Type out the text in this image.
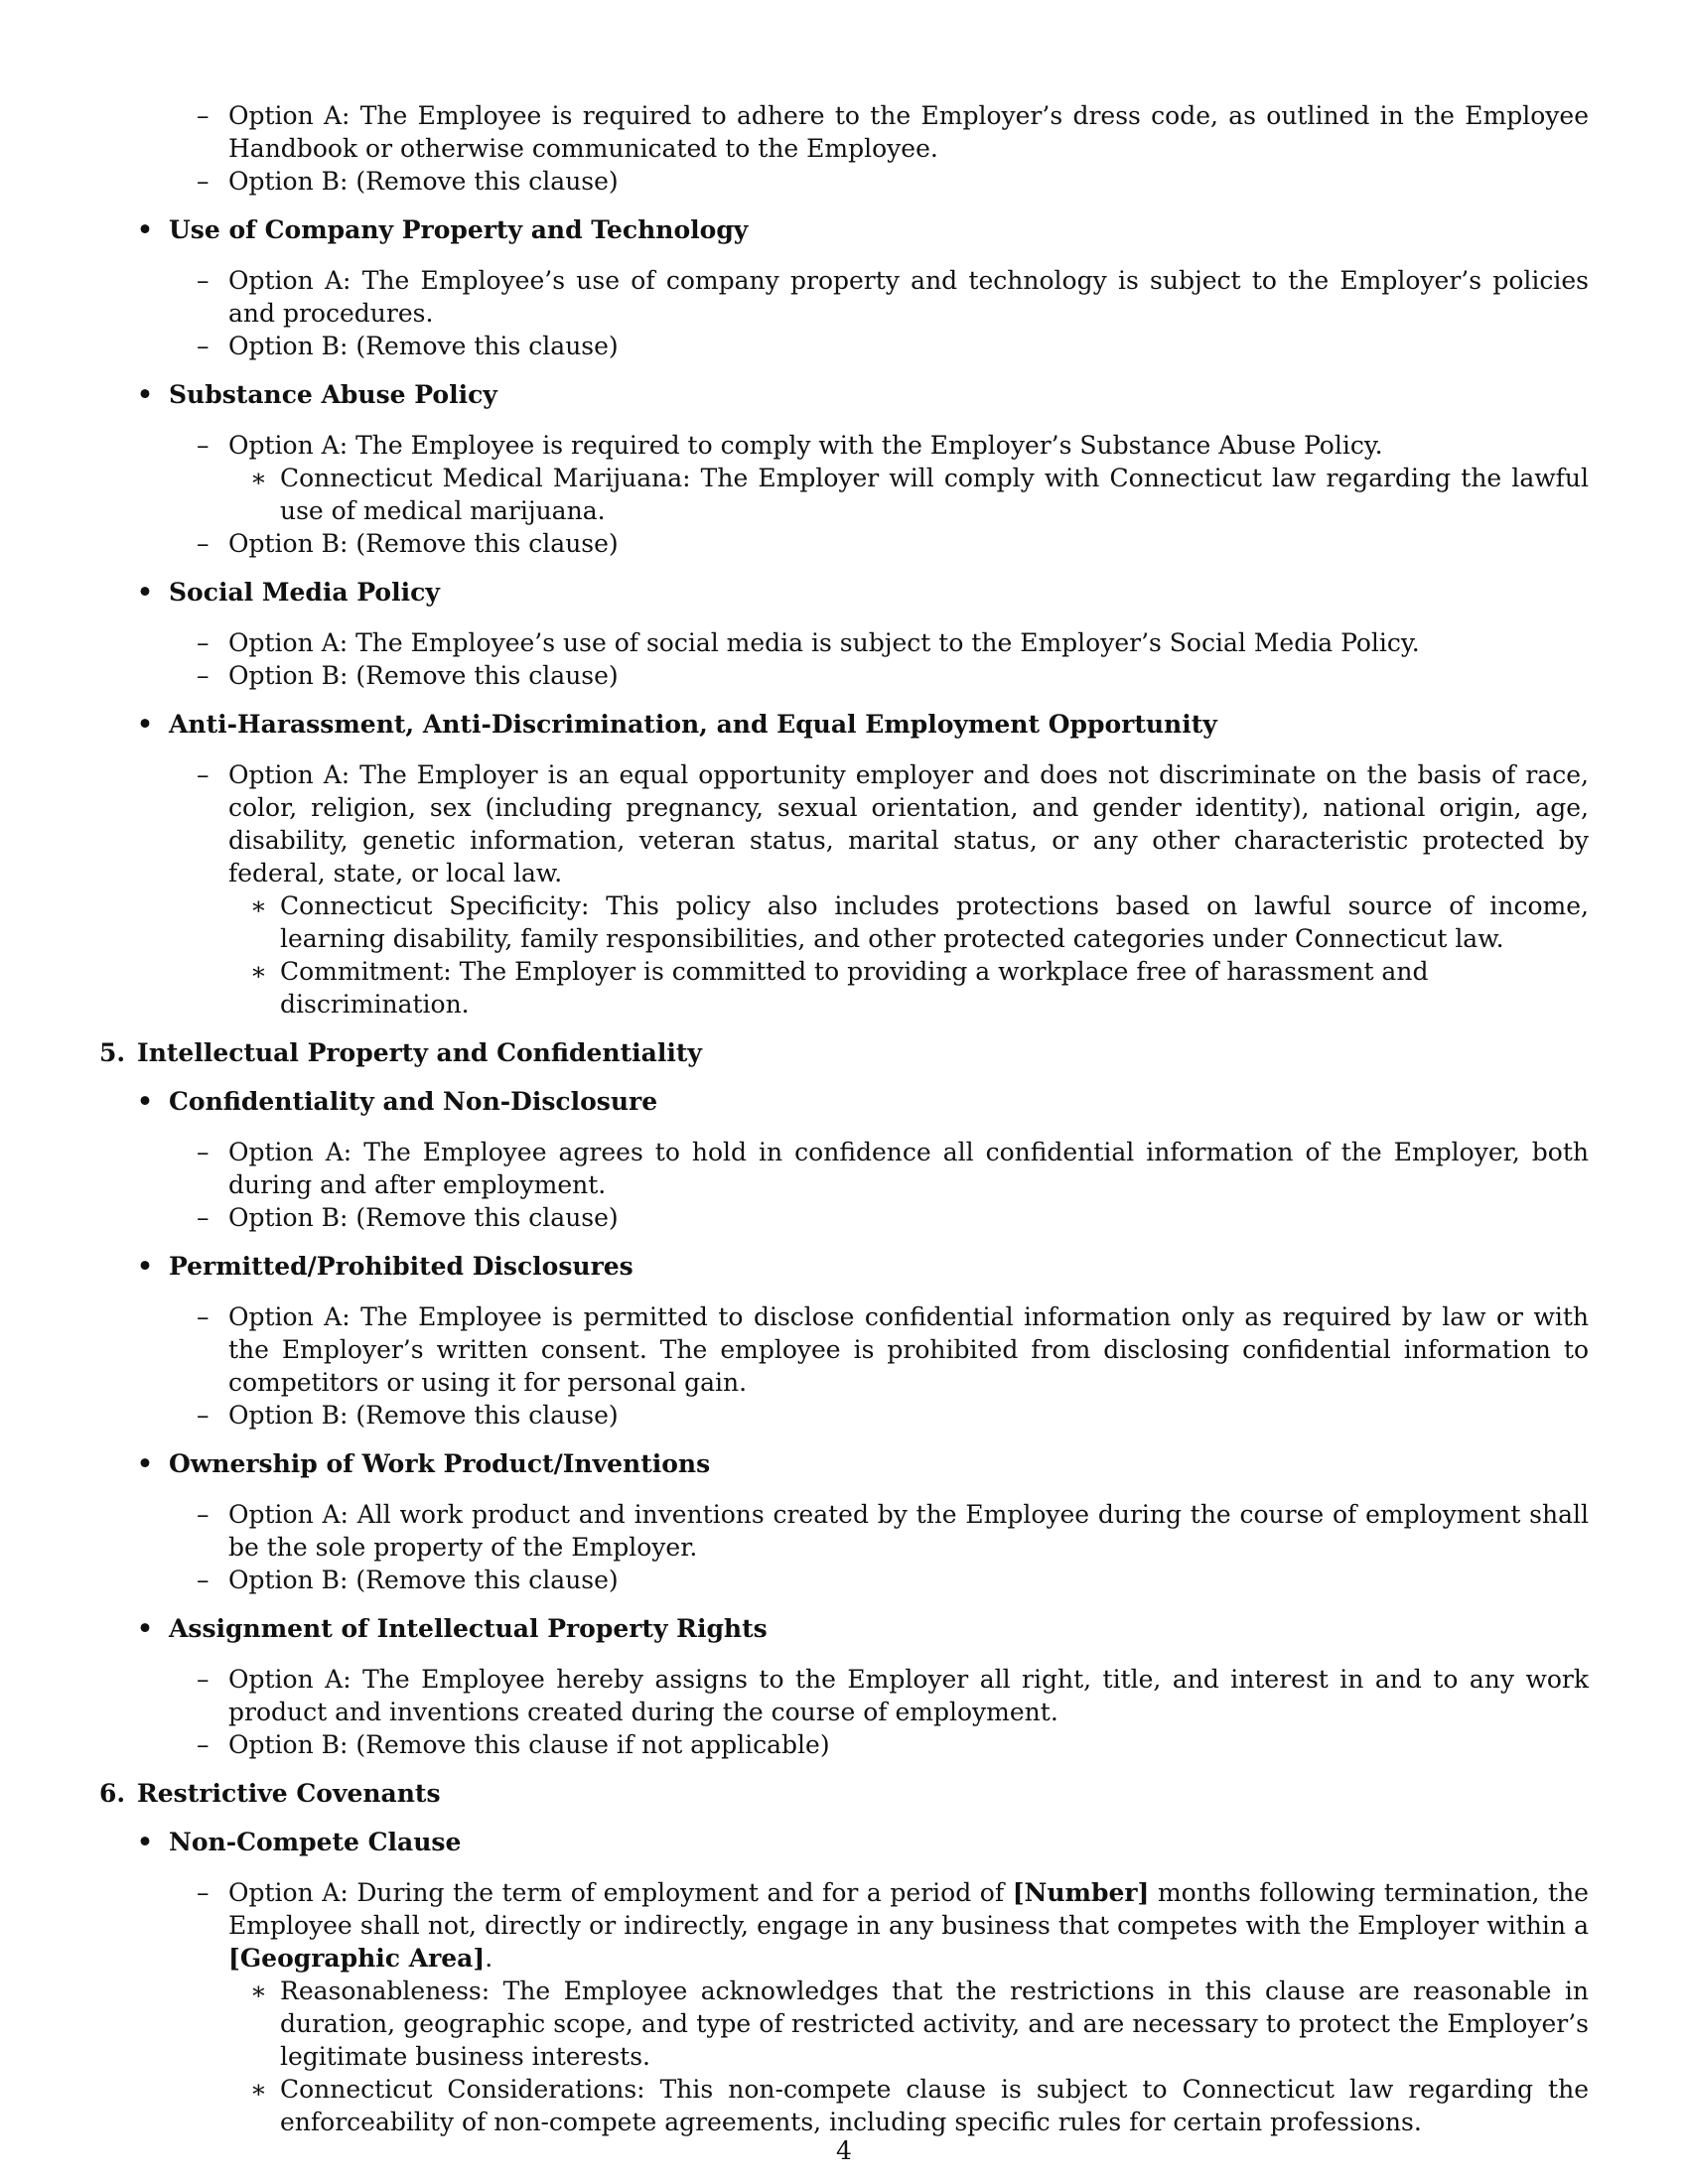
– Option A: The Employee is required to adhere to the Employer’s dress code, as outlined in the Employee Handbook or otherwise communicated to the Employee.
– Option B: (Remove this clause)
• Use of Company Property and Technology
– Option A: The Employee’s use of company property and technology is subject to the Employer’s policies and procedures.
– Option B: (Remove this clause)
• Substance Abuse Policy
– Option A: The Employee is required to comply with the Employer’s Substance Abuse Policy.
∗ Connecticut Medical Marijuana: The Employer will comply with Connecticut law regarding the lawful use of medical marijuana.
– Option B: (Remove this clause)
• Social Media Policy
– Option A: The Employee’s use of social media is subject to the Employer’s Social Media Policy.
– Option B: (Remove this clause)
• Anti-Harassment, Anti-Discrimination, and Equal Employment Opportunity
– Option A: The Employer is an equal opportunity employer and does not discriminate on the basis of race, color, religion, sex (including pregnancy, sexual orientation, and gender identity), national origin, age, disability, genetic information, veteran status, marital status, or any other characteristic protected by federal, state, or local law.
∗ Connecticut Specificity: This policy also includes protections based on lawful source of income, learning disability, family responsibilities, and other protected categories under Connecticut law.
∗ Commitment: The Employer is committed to providing a workplace free of harassment and discrimination.
5. Intellectual Property and Confidentiality
• Confidentiality and Non-Disclosure
– Option A: The Employee agrees to hold in confidence all confidential information of the Employer, both during and after employment.
– Option B: (Remove this clause)
• Permitted/Prohibited Disclosures
– Option A: The Employee is permitted to disclose confidential information only as required by law or with the Employer’s written consent. The employee is prohibited from disclosing confidential information to competitors or using it for personal gain.
– Option B: (Remove this clause)
• Ownership of Work Product/Inventions
– Option A: All work product and inventions created by the Employee during the course of employment shall be the sole property of the Employer.
– Option B: (Remove this clause)
• Assignment of Intellectual Property Rights
– Option A: The Employee hereby assigns to the Employer all right, title, and interest in and to any work product and inventions created during the course of employment.
– Option B: (Remove this clause if not applicable)
6. Restrictive Covenants
• Non-Compete Clause
– Option A: During the term of employment and for a period of [Number] months following termination, the Employee shall not, directly or indirectly, engage in any business that competes with the Employer within a [Geographic Area].
∗ Reasonableness: The Employee acknowledges that the restrictions in this clause are reasonable in duration, geographic scope, and type of restricted activity, and are necessary to protect the Employer’s legitimate business interests.
∗ Connecticut Considerations: This non-compete clause is subject to Connecticut law regarding the enforceability of non-compete agreements, including specific rules for certain professions.
4
